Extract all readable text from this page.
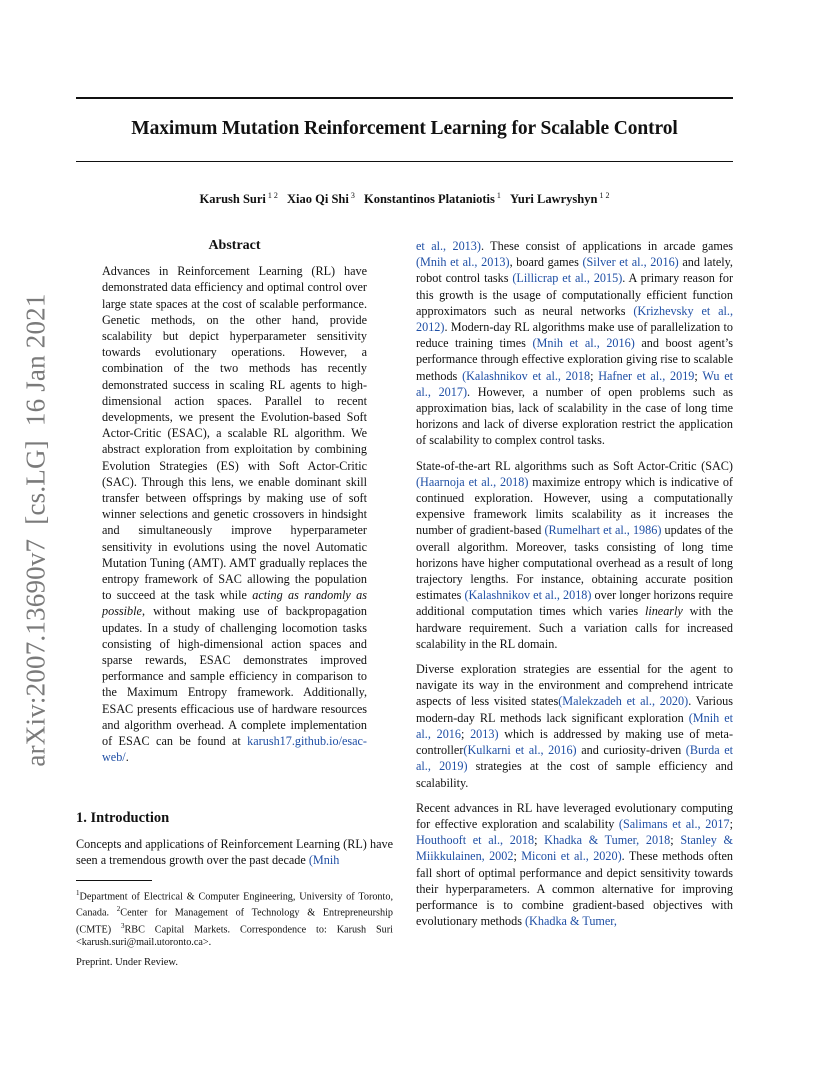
Maximum Mutation Reinforcement Learning for Scalable Control
Karush Suri $^{1 2}$ Xiao Qi Shi $^3$ Konstantinos Plataniotis $^1$ Yuri Lawryshyn $^{1 2}$
arXiv:2007.13690v7[cs.LG]16 Jan 2021
Abstract

Advances in Reinforcement Learning (RL) have demonstrated data efficiency and optimal control over large state spaces at the cost of scalable performance. Genetic methods, on the other hand, provide scalability but depict hyperparameter sensitivity towards evolutionary operations. However, a combination of the two methods has recently demonstrated success in scaling RL agents to high-dimensional action spaces. Parallel to recent developments, we present the Evolution-based Soft Actor-Critic (ESAC), a scalable RL algorithm. We abstract exploration from exploitation by combining Evolution Strategies (ES) with Soft Actor-Critic (SAC). Through this lens, we enable dominant skill transfer between offsprings by making use of soft winner selections and genetic crossovers in hindsight and simultaneously improve hyperparameter sensitivity in evolutions using the novel Automatic Mutation Tuning (AMT). AMT gradually replaces the entropy framework of SAC allowing the population to succeed at the task while acting as randomly as possible, without making use of backpropagation updates. In a study of challenging locomotion tasks consisting of high-dimensional action spaces and sparse rewards, ESAC demonstrates improved performance and sample efficiency in comparison to the Maximum Entropy framework. Additionally, ESAC presents efficacious use of hardware resources and algorithm overhead. A complete implementation of ESAC can be found at karush17.github.io/esac-web/.

1. Introduction

Concepts and applications of Reinforcement Learning (RL) have seen a tremendous growth over the past decade (Mnih

et al., 2013). These consist of applications in arcade games (Mnih et al., 2013), board games (Silver et al., 2016) and lately, robot control tasks (Lillicrap et al., 2015). A primary reason for this growth is the usage of computationally efficient function approximators such as neural networks (Krizhevsky et al., 2012). Modern-day RL algorithms make use of parallelization to reduce training times (Mnih et al., 2016) and boost agent’s performance through effective exploration giving rise to scalable methods (Kalashnikov et al., 2018; Hafner et al., 2019; Wu et al., 2017). However, a number of open problems such as approximation bias, lack of scalability in the case of long time horizons and lack of diverse exploration restrict the application of scalability to complex control tasks.

State-of-the-art RL algorithms such as Soft Actor-Critic (SAC) (Haarnoja et al., 2018) maximize entropy which is indicative of continued exploration. However, using a computationally expensive framework limits scalability as it increases the number of gradient-based (Rumelhart et al., 1986) updates of the overall algorithm. Moreover, tasks consisting of long time horizons have higher computational overhead as a result of long trajectory lengths. For instance, obtaining accurate position estimates (Kalashnikov et al., 2018) over longer horizons require additional computation times which varies linearly with the hardware requirement. Such a variation calls for increased scalability in the RL domain.

Diverse exploration strategies are essential for the agent to navigate its way in the environment and comprehend intricate aspects of less visited states(Malekzadeh et al., 2020). Various modern-day RL methods lack significant exploration (Mnih et al., 2016; 2013) which is addressed by making use of meta-controller(Kulkarni et al., 2016) and curiosity-driven (Burda et al., 2019) strategies at the cost of sample efficiency and scalability.

Recent advances in RL have leveraged evolutionary computing for effective exploration and scalability (Salimans et al., 2017; Houthooft et al., 2018; Khadka & Tumer, 2018; Stanley & Miikkulainen, 2002; Miconi et al., 2020). These methods often fall short of optimal performance and depict sensitivity towards their hyperparameters. A common alternative for improving performance is to combine gradient-based objectives with evolutionary methods (Khadka & Tumer,

$^1$Department of Electrical & Computer Engineering, University of Toronto, Canada. $^2$Center for Management of Technology & Entrepreneurship (CMTE) $^3$RBC Capital Markets. Correspondence to: Karush Suri <karush.suri@mail.utoronto.ca>.
Preprint. Under Review.
